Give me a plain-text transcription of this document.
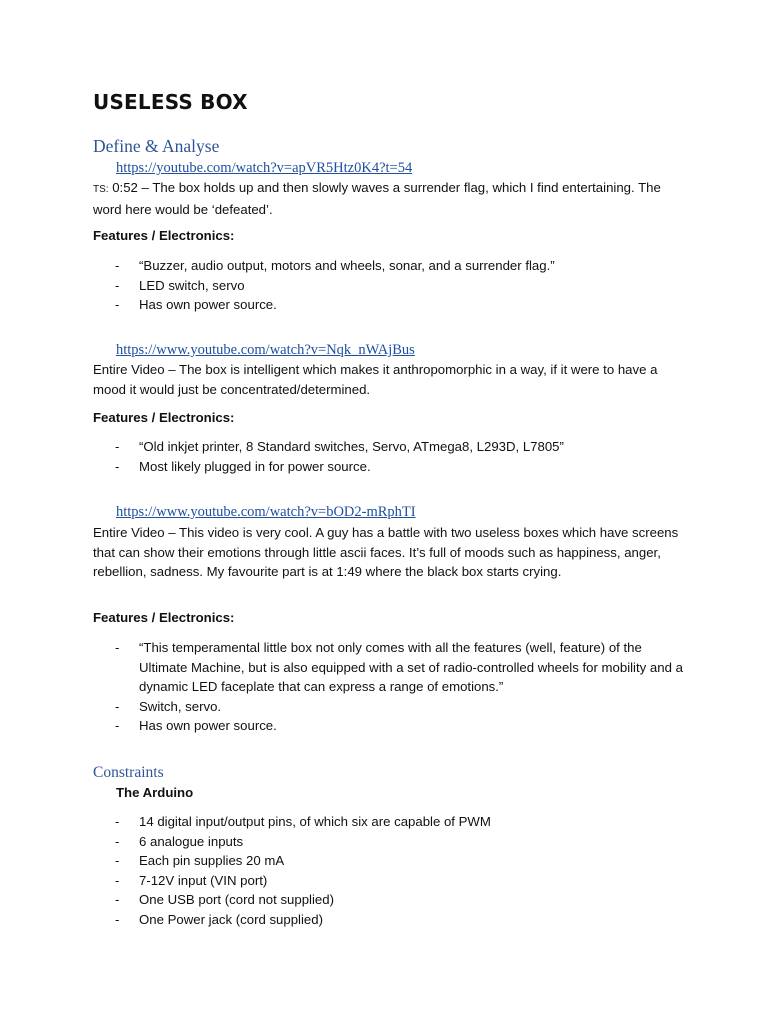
USELESS BOX
Define & Analyse
https://youtube.com/watch?v=apVR5Htz0K4?t=54
TS: 0:52 – The box holds up and then slowly waves a surrender flag, which I find entertaining. The word here would be ‘defeated’.
Features / Electronics:
- “Buzzer, audio output, motors and wheels, sonar, and a surrender flag.”
- LED switch, servo
- Has own power source.
https://www.youtube.com/watch?v=Nqk_nWAjBus
Entire Video – The box is intelligent which makes it anthropomorphic in a way, if it were to have a mood it would just be concentrated/determined.
Features / Electronics:
- “Old inkjet printer, 8 Standard switches, Servo, ATmega8, L293D, L7805”
- Most likely plugged in for power source.
https://www.youtube.com/watch?v=bOD2-mRphTI
Entire Video – This video is very cool. A guy has a battle with two useless boxes which have screens that can show their emotions through little ascii faces. It’s full of moods such as happiness, anger, rebellion, sadness. My favourite part is at 1:49 where the black box starts crying.
Features / Electronics:
- “This temperamental little box not only comes with all the features (well, feature) of the Ultimate Machine, but is also equipped with a set of radio-controlled wheels for mobility and a dynamic LED faceplate that can express a range of emotions.”
- Switch, servo.
- Has own power source.
Constraints
The Arduino
- 14 digital input/output pins, of which six are capable of PWM
- 6 analogue inputs
- Each pin supplies 20 mA
- 7-12V input (VIN port)
- One USB port (cord not supplied)
- One Power jack (cord supplied)
